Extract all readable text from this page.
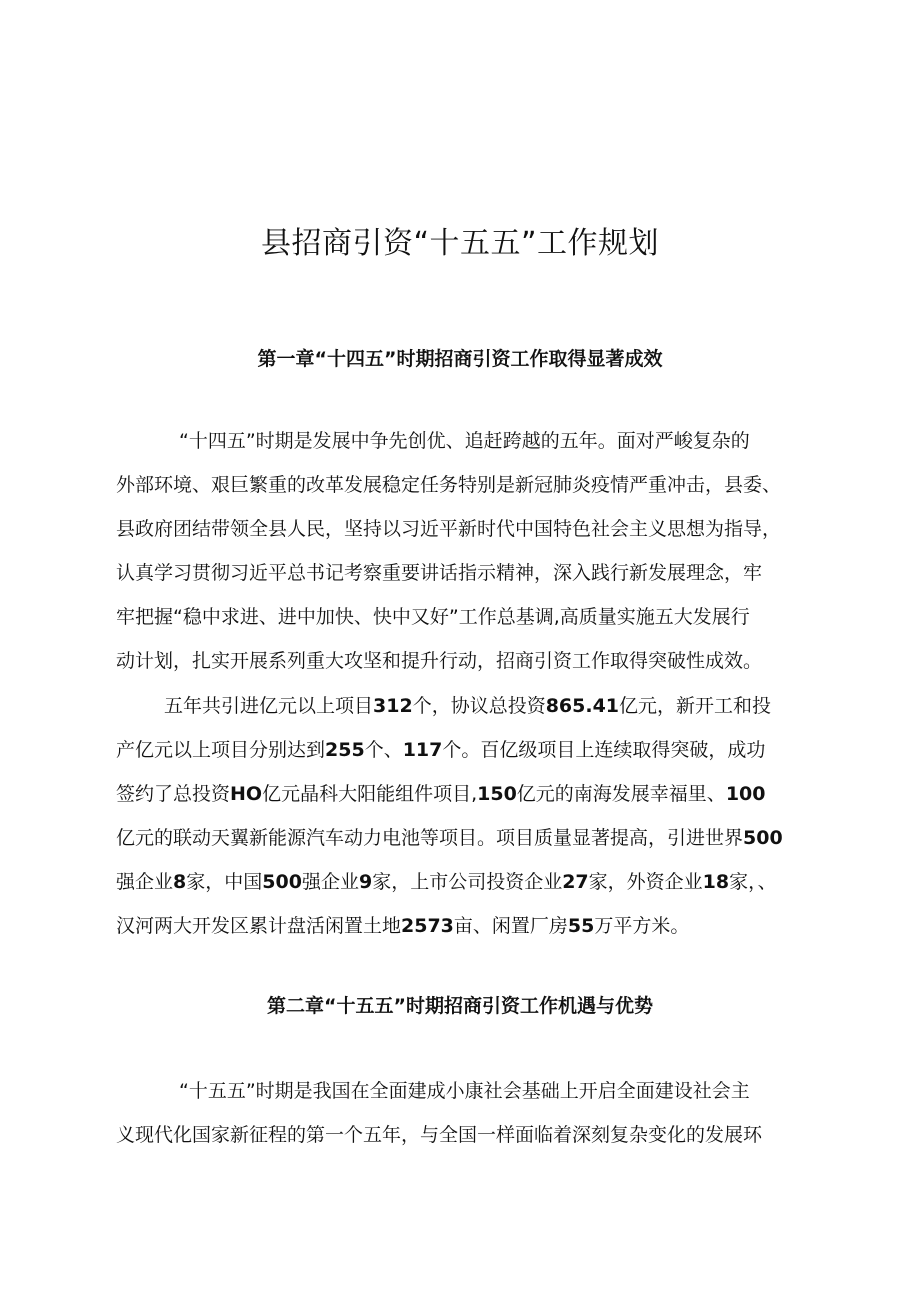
县招商引资“十五五”工作规划
第一章“十四五”时期招商引资工作取得显著成效
“十四五”时期是发展中争先创优、追赶跨越的五年。面对严峻复杂的
外部环境、艰巨繁重的改革发展稳定任务特别是新冠肺炎疫情严重冲击，县委、
县政府团结带领全县人民，坚持以习近平新时代中国特色社会主义思想为指导，
认真学习贯彻习近平总书记考察重要讲话指示精神，深入践行新发展理念，牢
牢把握“稳中求进、进中加快、快中又好”工作总基调,高质量实施五大发展行
动计划，扎实开展系列重大攻坚和提升行动，招商引资工作取得突破性成效。
五年共引进亿元以上项目312个，协议总投资865.41亿元，新开工和投
产亿元以上项目分别达到255个、117个。百亿级项目上连续取得突破，成功
签约了总投资HO亿元晶科大阳能组件项目,150亿元的南海发展幸福里、100
亿元的联动天翼新能源汽车动力电池等项目。项目质量显著提高，引进世界500
强企业8家，中国500强企业9家，上市公司投资企业27家，外资企业18家，、
汉河两大开发区累计盘活闲置土地2573亩、闲置厂房55万平方米。
第二章“十五五”时期招商引资工作机遇与优势
“十五五”时期是我国在全面建成小康社会基础上开启全面建设社会主
义现代化国家新征程的第一个五年，与全国一样面临着深刻复杂变化的发展环
